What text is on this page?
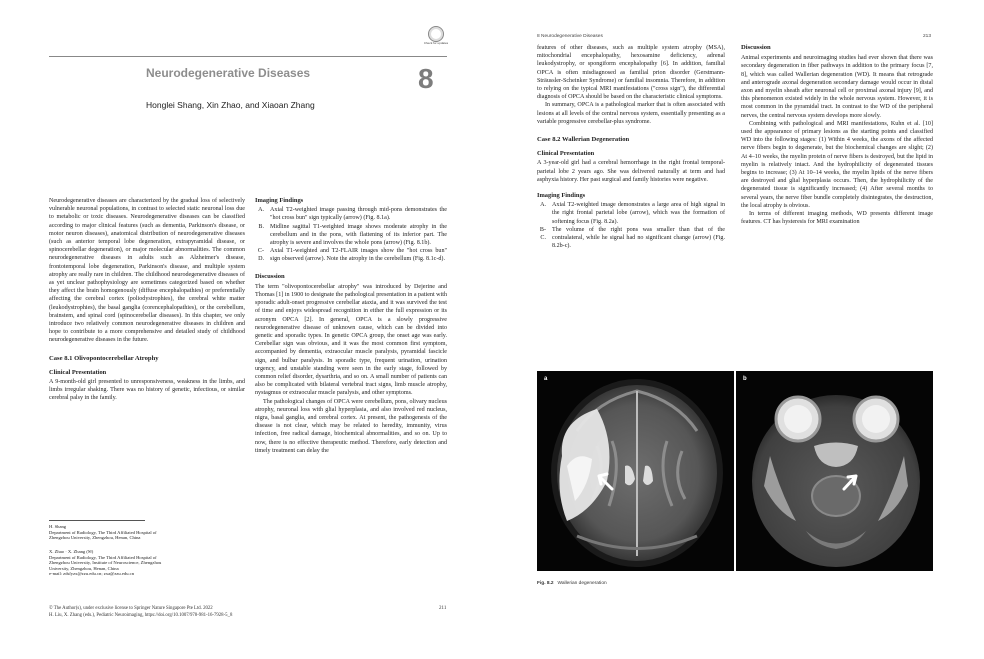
Check for updates
Neurodegenerative Diseases	8
Honglei Shang, Xin Zhao, and Xiaoan Zhang

Neurodegenerative diseases are characterized by the gradual loss of selectively vulnerable neuronal populations, in contrast to selected static neuronal loss due to metabolic or toxic diseases. Neurodegenerative diseases can be classified according to major clinical features (such as dementia, Parkinson's disease, or motor neuron diseases), anatomical distribution of neurodegenerative diseases (such as anterior temporal lobe degeneration, extrapyramidal disease, or spinocerebellar degeneration), or major molecular abnormalities. The common neurodegenerative diseases in adults such as Alzheimer's disease, frontotemporal lobe degeneration, Parkinson's disease, and multiple system atrophy are really rare in children. The childhood neurodegenerative diseases of as yet unclear pathophysiology are sometimes categorized based on whether they affect the brain homogenously (diffuse encephalopathies) or preferentially affecting the cerebral cortex (poliodystrophies), the cerebral white matter (leukodystrophies), the basal ganglia (corencephalopathies), or the cerebellum, brainstem, and spinal cord (spinocerebellar diseases). In this chapter, we only introduce two relatively common neurodegenerative diseases in children and hope to contribute to a more comprehensive and detailed study of childhood neurodegenerative diseases in the future.

Case 8.1 Olivopontocerebellar Atrophy
Clinical Presentation

A 9-month-old girl presented to unresponsiveness, weakness in the limbs, and limbs irregular shaking. There was no history of genetic, infectious, or similar cerebral palsy in the family.

Imaging Findings
A. Axial T2-weighted image passing through mid-pons demonstrates the "hot cross bun" sign typically (arrow) (Fig. 8.1a).
B. Midline sagittal T1-weighted image shows moderate atrophy in the cerebellum and in the pons, with flattening of its inferior part. The atrophy is severe and involves the whole pons (arrow) (Fig. 8.1b).
C-D.
Axial T1-weighted and T2-FLAIR images show the "hot cross bun" sign observed (arrow). Note the atrophy in the cerebellum (Fig. 8.1c-d).
Discussion

The term "olivopontocerebellar atrophy" was introduced by Dejerine and Thomas [1] in 1900 to designate the pathological presentation in a patient with sporadic adult-onset progressive cerebellar ataxia, and it was survived the test of time and enjoys widespread recognition in either the full expression or its acronym OPCA [2]. In general, OPCA is a slowly progressive neurodegenerative disease of unknown cause, which can be divided into genetic and sporadic types. In genetic OPCA group, the onset age was early. Cerebellar sign was obvious, and it was the most common first symptom, accompanied by dementia, extraocular muscle paralysis, pyramidal fascicle sign, and bulbar paralysis. In sporadic type, frequent urination, urination urgency, and unstable standing were seen in the early stage, followed by common relief disorder, dysarthria, and so on. A small number of patients can also be complicated with bilateral vertebral tract signs, limb muscle atrophy, nystagmus or extraocular muscle paralysis, and other symptoms.

The pathological changes of OPCA were cerebellum, pons, olivary nucleus atrophy, neuronal loss with glial hyperplasia, and also involved red nucleus, nigra, basal ganglia, and cerebral cortex. At present, the pathogenesis of the disease is not clear, which may be related to heredity, immunity, virus infection, free radical damage, biochemical abnormalities, and so on. Up to now, there is no effective therapeutic method. Therefore, early detection and timely treatment can delay the

H. Shang
Department of Radiology, The Third Affiliated Hospital of
Zhengzhou University, Zhengzhou, Henan, China
X. Zhao · X. Zhang (✉)
Department of Radiology, The Third Affiliated Hospital of
Zhengzhou University, Institute of Neuroscience, Zhengzhou
University, Zhengzhou, Henan, China
e-mail: zdsfyzx@zzu.edu.cn; zxa@zzu.edu.cn
© The Author(s), under exclusive license to Springer Nature Singapore Pte Ltd. 2022
H. Liu, X. Zhang (eds.), Pediatric Neuroimaging, https://doi.org/10.1007/978-981-16-7928-5_8
211
8 Neurodegenerative Diseases	213

features of other diseases, such as multiple system atrophy (MSA), mitochondrial encephalopathy, hexosamine deficiency, adrenal leukodystrophy, or spongiform encephalopathy [6]. In addition, familial OPCA is often misdiagnosed as familial prion disorder (Gerstmann-Sträussler-Scheinker Syndrome) or familial insomnia. Therefore, in addition to relying on the typical MRI manifestations ("cross sign"), the differential diagnosis of OPCA should be based on the characteristic clinical symptoms.

In summary, OPCA is a pathological marker that is often associated with lesions at all levels of the central nervous system, essentially presenting as a variable progressive cerebellar-plus syndrome.

Case 8.2 Wallerian Degeneration
Clinical Presentation

A 3-year-old girl had a cerebral hemorrhage in the right frontal temporal-parietal lobe 2 years ago. She was delivered naturally at term and had asphyxia history. Her past surgical and family histories were negative.

Imaging Findings
A. Axial T2-weighted image demonstrates a large area of high signal in the right frontal parietal lobe (arrow), which was the formation of softening focus (Fig. 8.2a).
B-C.
The volume of the right pons was smaller than that of the contralateral, while he signal had no significant change (arrow) (Fig. 8.2b-c).
Discussion

Animal experiments and neuroimaging studies had ever shown that there was secondary degeneration in fiber pathways in addition to the primary focus [7, 8], which was called Wallerian degeneration (WD). It means that retrograde and anterograde axonal degeneration secondary damage would occur in distal axon and myelin sheath after neuronal cell or proximal axonal injury [9], and this phenomenon existed widely in the whole nervous system. However, it is most common in the pyramidal tract. In contrast to the WD of the peripheral nerves, the central nervous system develops more slowly.

Combining with pathological and MRI manifestations, Kuhn et al. [10] used the appearance of primary lesions as the starting points and classified WD into the following stages: (1) Within 4 weeks, the axons of the affected nerve fibers begin to degenerate, but the biochemical changes are slight; (2) At 4–10 weeks, the myelin protein of nerve fibers is destroyed, but the lipid in myelin is relatively intact. And the hydrophilicity of degenerated tissues begins to increase; (3) At 10–14 weeks, the myelin lipids of the nerve fibers are destroyed and glial hyperplasia occurs. Then, the hydrophilicity of the degenerated tissue is significantly increased; (4) After several months to several years, the nerve fiber bundle completely disintegrates, the destruction, the local atrophy is obvious.

In terms of different imaging methods, WD presents different image features. CT has hysteresis for MRI examination

a	b
Fig. 8.2 Wallerian degeneration
